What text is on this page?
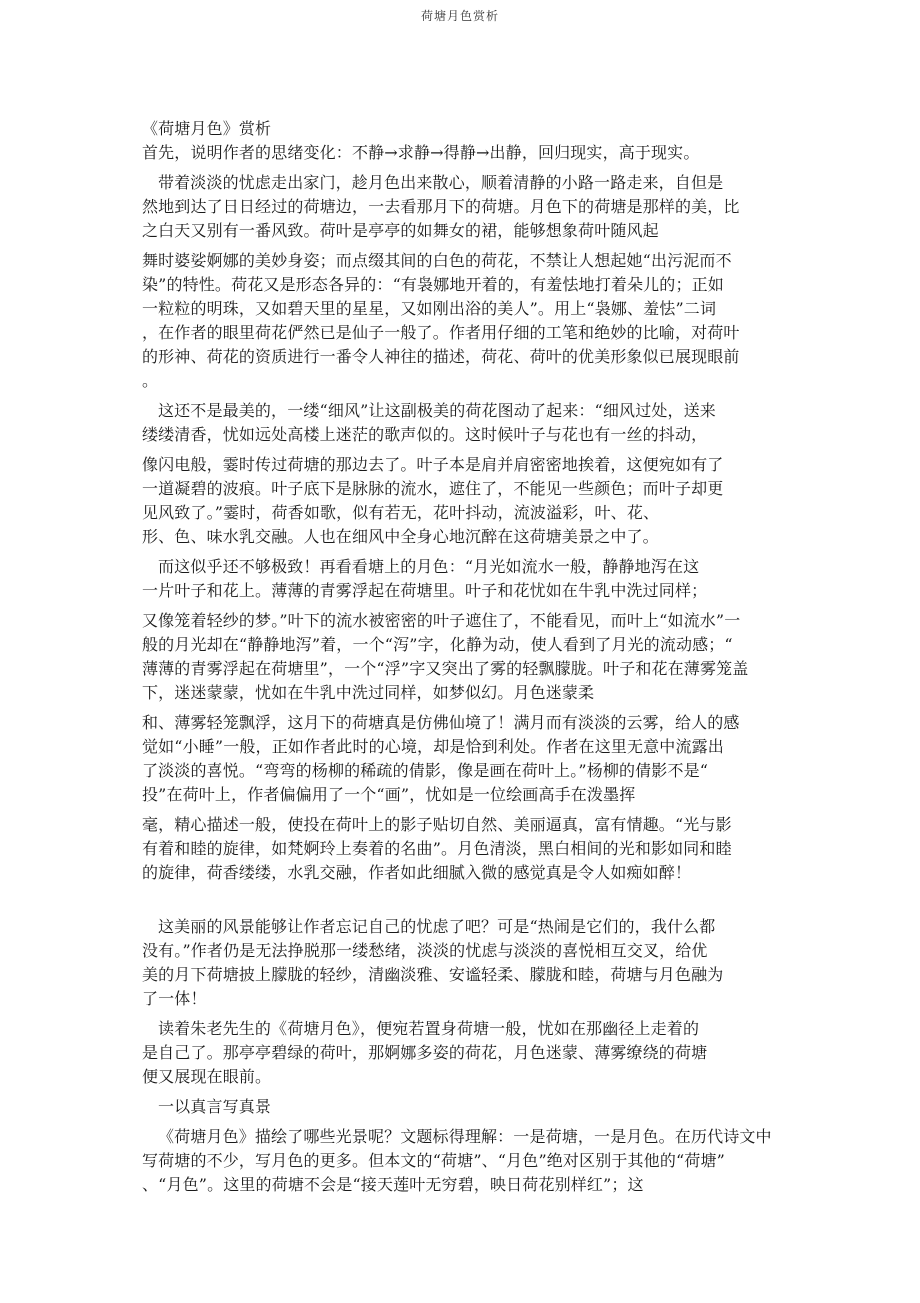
荷塘月色赏析
《荷塘月色》赏析
首先，说明作者的思绪变化：不静→求静→得静→出静，回归现实，高于现实。
带着淡淡的忧虑走出家门，趁月色出来散心，顺着清静的小路一路走来，自但是
然地到达了日日经过的荷塘边，一去看那月下的荷塘。月色下的荷塘是那样的美，比
之白天又别有一番风致。荷叶是亭亭的如舞女的裙，能够想象荷叶随风起
舞时婆娑婀娜的美妙身姿；而点缀其间的白色的荷花，不禁让人想起她“出污泥而不
染”的特性。荷花又是形态各异的：“有袅娜地开着的，有羞怯地打着朵儿的；正如
一粒粒的明珠，又如碧天里的星星，又如刚出浴的美人”。用上“袅娜、羞怯”二词
，在作者的眼里荷花俨然已是仙子一般了。作者用仔细的工笔和绝妙的比喻，对荷叶
的形神、荷花的资质进行一番令人神往的描述，荷花、荷叶的优美形象似已展现眼前
。
这还不是最美的，一缕“细风”让这副极美的荷花图动了起来：“细风过处，送来
缕缕清香，忧如远处高楼上迷茫的歌声似的。这时候叶子与花也有一丝的抖动，
像闪电般，霎时传过荷塘的那边去了。叶子本是肩并肩密密地挨着，这便宛如有了
一道凝碧的波痕。叶子底下是脉脉的流水，遮住了，不能见一些颜色；而叶子却更
见风致了。”霎时，荷香如歌，似有若无，花叶抖动，流波溢彩，叶、花、
形、色、味水乳交融。人也在细风中全身心地沉醉在这荷塘美景之中了。
而这似乎还不够极致！再看看塘上的月色：“月光如流水一般，静静地泻在这
一片叶子和花上。薄薄的青雾浮起在荷塘里。叶子和花忧如在牛乳中洗过同样；
又像笼着轻纱的梦。”叶下的流水被密密的叶子遮住了，不能看见，而叶上“如流水”一
般的月光却在“静静地泻”着，一个“泻”字，化静为动，使人看到了月光的流动感；“
薄薄的青雾浮起在荷塘里”，一个“浮”字又突出了雾的轻飘朦胧。叶子和花在薄雾笼盖
下，迷迷蒙蒙，忧如在牛乳中洗过同样，如梦似幻。月色迷蒙柔
和、薄雾轻笼飘浮，这月下的荷塘真是仿佛仙境了！满月而有淡淡的云雾，给人的感
觉如“小睡”一般，正如作者此时的心境，却是恰到利处。作者在这里无意中流露出
了淡淡的喜悦。“弯弯的杨柳的稀疏的倩影，像是画在荷叶上。”杨柳的倩影不是“
投”在荷叶上，作者偏偏用了一个“画”，忧如是一位绘画高手在泼墨挥
毫，精心描述一般，使投在荷叶上的影子贴切自然、美丽逼真，富有情趣。“光与影
有着和睦的旋律，如梵婀玲上奏着的名曲”。月色清淡，黑白相间的光和影如同和睦
的旋律，荷香缕缕，水乳交融，作者如此细腻入微的感觉真是令人如痴如醉！
这美丽的风景能够让作者忘记自己的忧虑了吧？可是“热闹是它们的，我什么都
没有。”作者仍是无法挣脱那一缕愁绪，淡淡的忧虑与淡淡的喜悦相互交叉，给优
美的月下荷塘披上朦胧的轻纱，清幽淡雅、安谧轻柔、朦胧和睦，荷塘与月色融为
了一体！
读着朱老先生的《荷塘月色》，便宛若置身荷塘一般，忧如在那幽径上走着的
是自己了。那亭亭碧绿的荷叶，那婀娜多姿的荷花，月色迷蒙、薄雾缭绕的荷塘
便又展现在眼前。
一以真言写真景
《荷塘月色》描绘了哪些光景呢？文题标得理解：一是荷塘，一是月色。在历代诗文中
写荷塘的不少，写月色的更多。但本文的“荷塘”、“月色”绝对区别于其他的“荷塘”
、“月色”。这里的荷塘不会是“接天莲叶无穷碧，映日荷花别样红”；这
